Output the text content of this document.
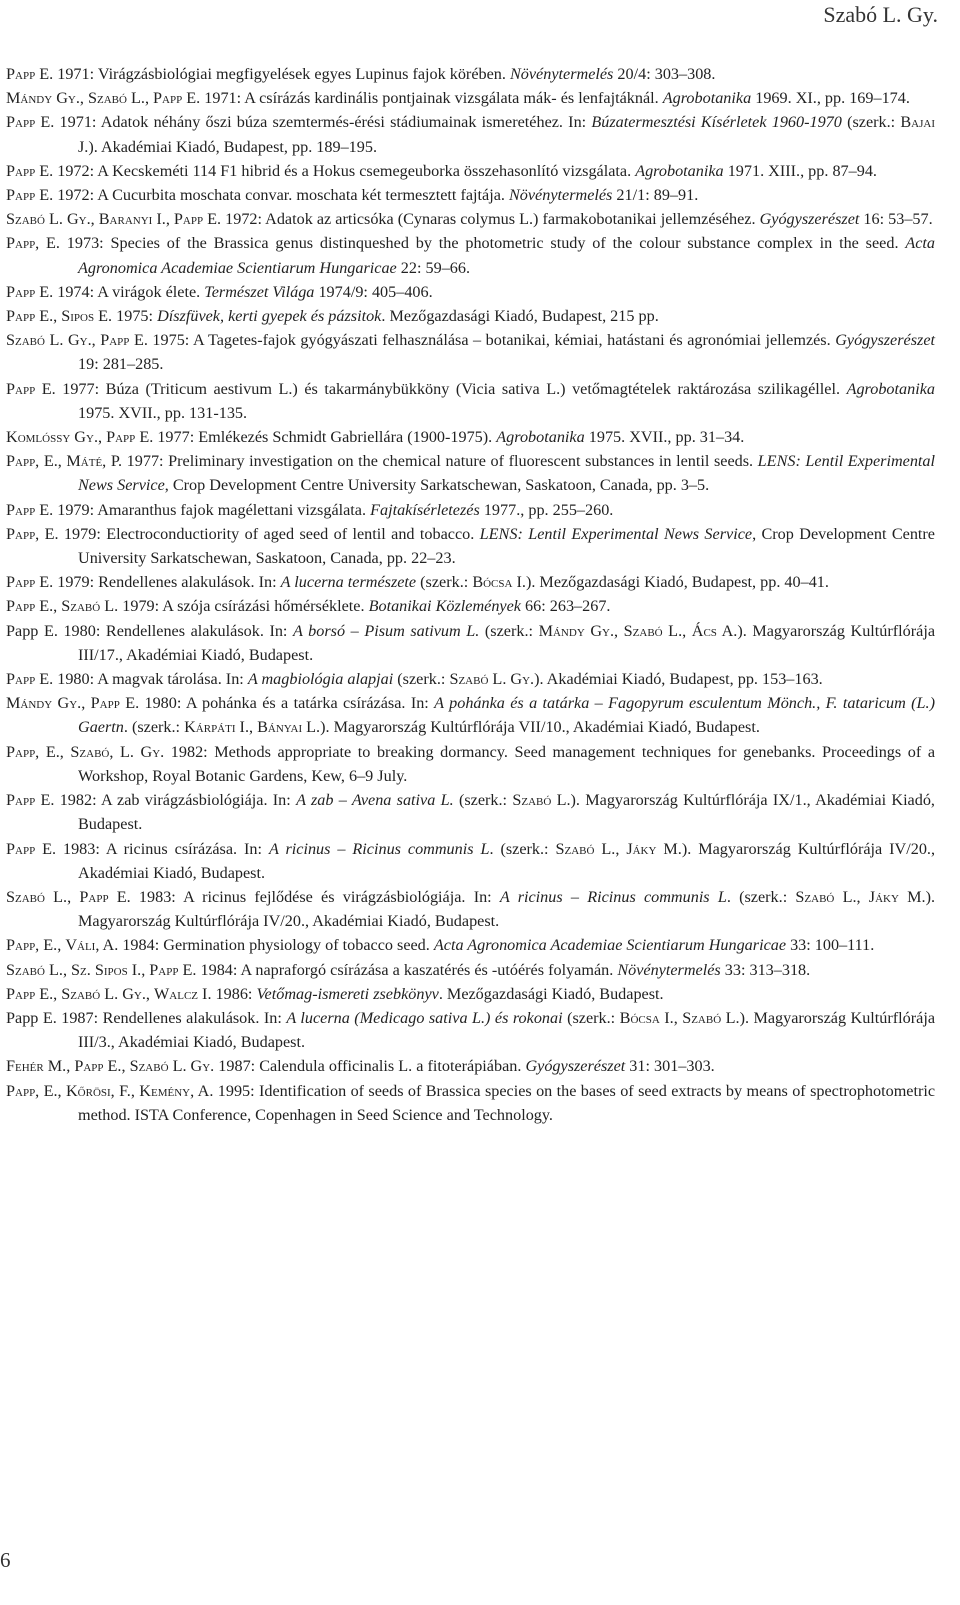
Szabó L. Gy.

Papp E. 1971: Virágzásbiológiai megfigyelések egyes Lupinus fajok körében. Növénytermelés 20/4: 303–308.

Mándy Gy., Szabó L., Papp E. 1971: A csírázás kardinális pontjainak vizsgálata mák- és lenfajtáknál. Agrobotanika 1969. XI., pp. 169–174.

Papp E. 1971: Adatok néhány őszi búza szemtermés-érési stádiumainak ismeretéhez. In: Búzatermesztési Kísérletek 1960-1970 (szerk.: Bajai J.). Akadémiai Kiadó, Budapest, pp. 189–195.

Papp E. 1972: A Kecskeméti 114 F1 hibrid és a Hokus csemegeuborka összehasonlító vizsgálata. Agrobotanika 1971. XIII., pp. 87–94.

Papp E. 1972: A Cucurbita moschata convar. moschata két termesztett fajtája. Növénytermelés 21/1: 89–91.

Szabó L. Gy., Baranyi I., Papp E. 1972: Adatok az articsóka (Cynaras colymus L.) farmakobotanikai jellemzéséhez. Gyógyszerészet 16: 53–57.

Papp, E. 1973: Species of the Brassica genus distinqueshed by the photometric study of the colour substance complex in the seed. Acta Agronomica Academiae Scientiarum Hungaricae 22: 59–66.

Papp E. 1974: A virágok élete. Természet Világa 1974/9: 405–406.

Papp E., Sipos E. 1975: Díszfüvek, kerti gyepek és pázsitok. Mezőgazdasági Kiadó, Budapest, 215 pp.

Szabó L. Gy., Papp E. 1975: A Tagetes-fajok gyógyászati felhasználása – botanikai, kémiai, hatástani és agronómiai jellemzés. Gyógyszerészet 19: 281–285.

Papp E. 1977: Búza (Triticum aestivum L.) és takarmánybükköny (Vicia sativa L.) vetőmagtételek raktározása szilikagéllel. Agrobotanika 1975. XVII., pp. 131-135.

Komlóssy Gy., Papp E. 1977: Emlékezés Schmidt Gabriellára (1900-1975). Agrobotanika 1975. XVII., pp. 31–34.

Papp, E., Máté, P. 1977: Preliminary investigation on the chemical nature of fluorescent substances in lentil seeds. LENS: Lentil Experimental News Service, Crop Development Centre University Sarkatschewan, Saskatoon, Canada, pp. 3–5.

Papp E. 1979: Amaranthus fajok magélettani vizsgálata. Fajtakísérletezés 1977., pp. 255–260.

Papp, E. 1979: Electroconductiority of aged seed of lentil and tobacco. LENS: Lentil Experimental News Service, Crop Development Centre University Sarkatschewan, Saskatoon, Canada, pp. 22–23.

Papp E. 1979: Rendellenes alakulások. In: A lucerna természete (szerk.: Bócsa I.). Mezőgazdasági Kiadó, Budapest, pp. 40–41.

Papp E., Szabó L. 1979: A szója csírázási hőmérséklete. Botanikai Közlemények 66: 263–267.

Papp E. 1980: Rendellenes alakulások. In: A borsó – Pisum sativum L. (szerk.: Mándy Gy., Szabó L., Ács A.). Magyarország Kultúrflórája III/17., Akadémiai Kiadó, Budapest.

Papp E. 1980: A magvak tárolása. In: A magbiológia alapjai (szerk.: Szabó L. Gy.). Akadémiai Kiadó, Budapest, pp. 153–163.

Mándy Gy., Papp E. 1980: A pohánka és a tatárka csírázása. In: A pohánka és a tatárka – Fagopyrum esculentum Mönch., F. tataricum (L.) Gaertn. (szerk.: Kárpáti I., Bányai L.). Magyarország Kultúrflórája VII/10., Akadémiai Kiadó, Budapest.

Papp, E., Szabó, L. Gy. 1982: Methods appropriate to breaking dormancy. Seed management techniques for genebanks. Proceedings of a Workshop, Royal Botanic Gardens, Kew, 6–9 July.

Papp E. 1982: A zab virágzásbiológiája. In: A zab – Avena sativa L. (szerk.: Szabó L.). Magyarország Kultúrflórája IX/1., Akadémiai Kiadó, Budapest.

Papp E. 1983: A ricinus csírázása. In: A ricinus – Ricinus communis L. (szerk.: Szabó L., Jáky M.). Magyarország Kultúrflórája IV/20., Akadémiai Kiadó, Budapest.

Szabó L., Papp E. 1983: A ricinus fejlődése és virágzásbiológiája. In: A ricinus – Ricinus communis L. (szerk.: Szabó L., Jáky M.). Magyarország Kultúrflórája IV/20., Akadémiai Kiadó, Budapest.

Papp, E., Váli, A. 1984: Germination physiology of tobacco seed. Acta Agronomica Academiae Scientiarum Hungaricae 33: 100–111.

Szabó L., Sz. Sipos I., Papp E. 1984: A napraforgó csírázása a kaszatérés és -utóérés folyamán. Növénytermelés 33: 313–318.

Papp E., Szabó L. Gy., Walcz I. 1986: Vetőmag-ismereti zsebkönyv. Mezőgazdasági Kiadó, Budapest.

Papp E. 1987: Rendellenes alakulások. In: A lucerna (Medicago sativa L.) és rokonai (szerk.: Bócsa I., Szabó L.). Magyarország Kultúrflórája III/3., Akadémiai Kiadó, Budapest.

Fehér M., Papp E., Szabó L. Gy. 1987: Calendula officinalis L. a fitoterápiában. Gyógyszerészet 31: 301–303.

Papp, E., Kőrösi, F., Kemény, A. 1995: Identification of seeds of Brassica species on the bases of seed extracts by means of spectrophotometric method. ISTA Conference, Copenhagen in Seed Science and Technology.

6
